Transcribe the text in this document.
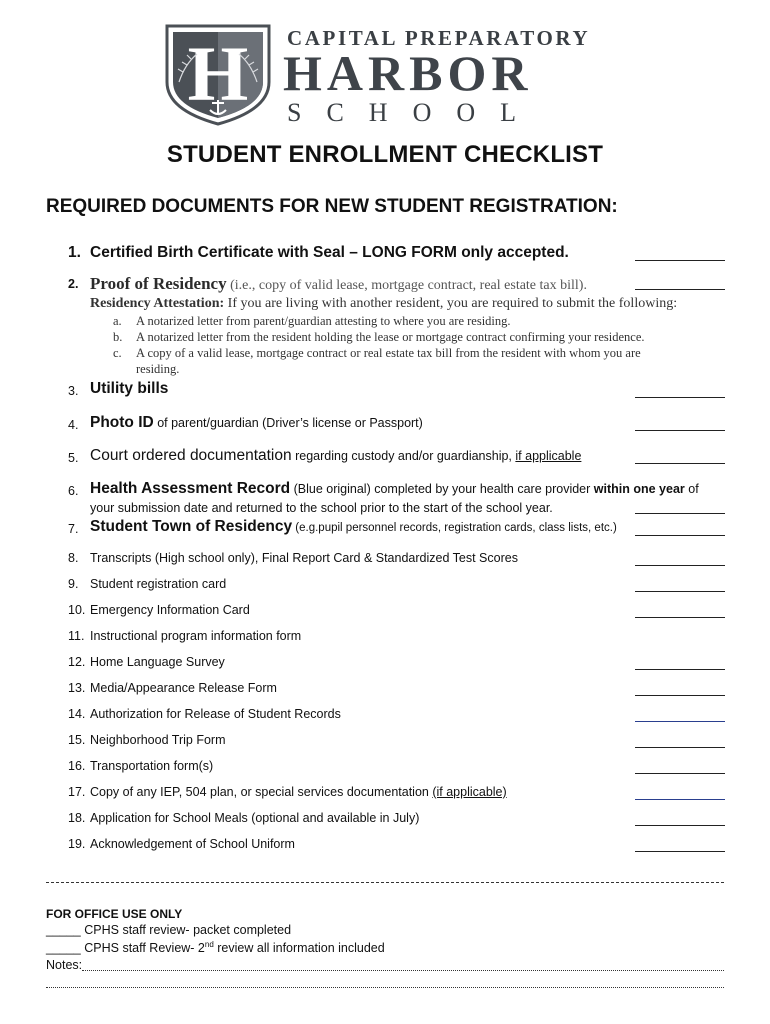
H CAPITAL PREPARATORY
HARBOR
SCHOOL
STUDENT ENROLLMENT CHECKLIST
REQUIRED DOCUMENTS FOR NEW STUDENT REGISTRATION:
1. Certified Birth Certificate with Seal – LONG FORM only accepted.
2. Proof of Residency (i.e., copy of valid lease, mortgage contract, real estate tax bill).
Residency Attestation: If you are living with another resident, you are required to submit the following:
a. A notarized letter from parent/guardian attesting to where you are residing.
b. A notarized letter from the resident holding the lease or mortgage contract confirming your residence.
c. A copy of a valid lease, mortgage contract or real estate tax bill from the resident with whom you are
residing.
3. Utility bills
4. Photo ID of parent/guardian (Driver’s license or Passport)
5. Court ordered documentation regarding custody and/or guardianship, if applicable
6. Health Assessment Record (Blue original) completed by your health care provider within one year of
your submission date and returned to the school prior to the start of the school year.
7. Student Town of Residency (e.g.pupil personnel records, registration cards, class lists, etc.)
8. Transcripts (High school only), Final Report Card & Standardized Test Scores
9. Student registration card
10. Emergency Information Card
11. Instructional program information form
12. Home Language Survey
13. Media/Appearance Release Form
14. Authorization for Release of Student Records
15. Neighborhood Trip Form
16. Transportation form(s)
17. Copy of any IEP, 504 plan, or special services documentation (if applicable)
18. Application for School Meals (optional and available in July)
19. Acknowledgement of School Uniform
FOR OFFICE USE ONLY
_____ CPHS staff review- packet completed
_____ CPHS staff Review- 2nd review all information included
Notes:
